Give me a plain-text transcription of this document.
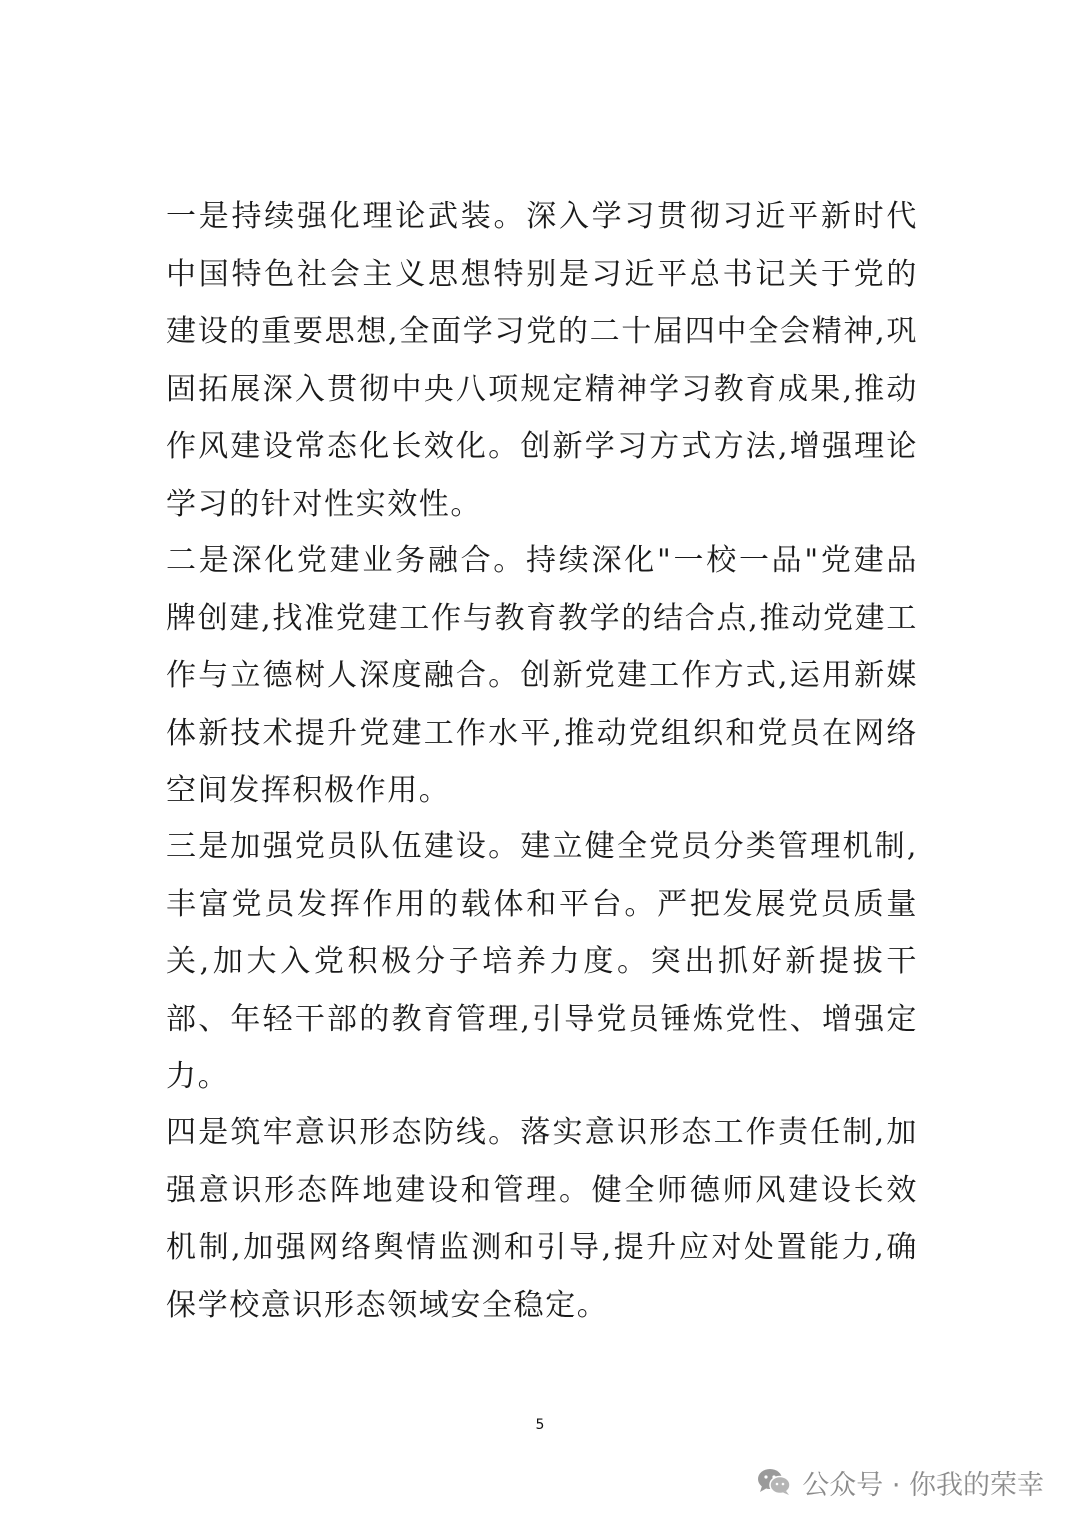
一是持续强化理论武装。深入学习贯彻习近平新时代中国特色社会主义思想特别是习近平总书记关于党的建设的重要思想,全面学习党的二十届四中全会精神,巩固拓展深入贯彻中央八项规定精神学习教育成果,推动作风建设常态化长效化。创新学习方式方法,增强理论学习的针对性实效性。

二是深化党建业务融合。持续深化"一校一品"党建品牌创建,找准党建工作与教育教学的结合点,推动党建工作与立德树人深度融合。创新党建工作方式,运用新媒体新技术提升党建工作水平,推动党组织和党员在网络空间发挥积极作用。

三是加强党员队伍建设。建立健全党员分类管理机制,丰富党员发挥作用的载体和平台。严把发展党员质量关,加大入党积极分子培养力度。突出抓好新提拔干部、年轻干部的教育管理,引导党员锤炼党性、增强定力。

四是筑牢意识形态防线。落实意识形态工作责任制,加强意识形态阵地建设和管理。健全师德师风建设长效机制,加强网络舆情监测和引导,提升应对处置能力,确保学校意识形态领域安全稳定。

5
公众号 · 你我的荣幸
